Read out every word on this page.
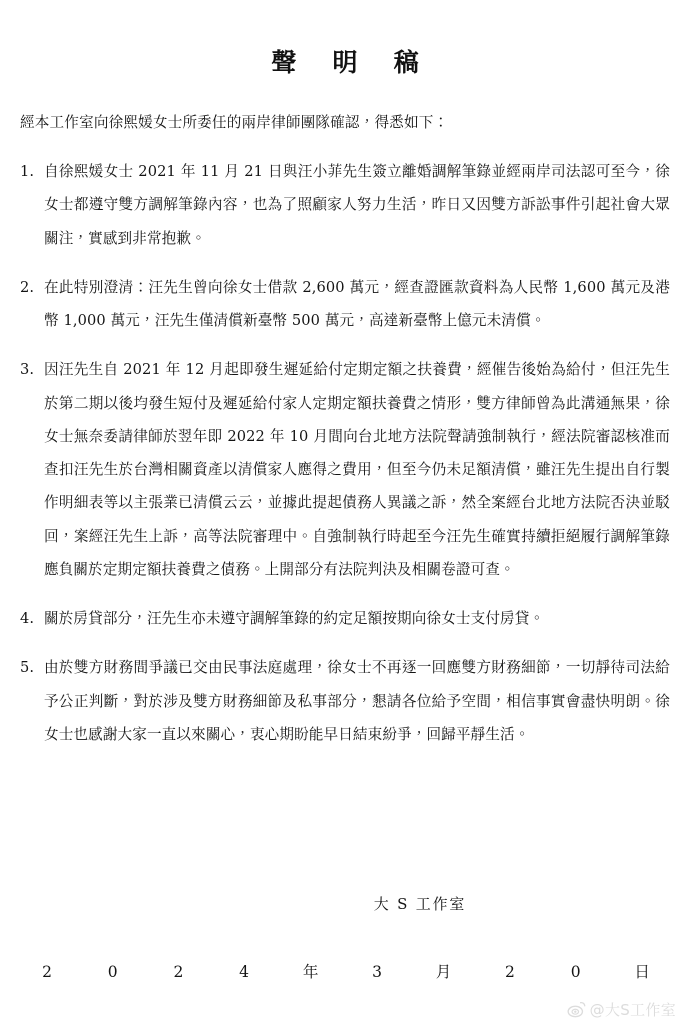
聲 明 稿

經本工作室向徐熙媛女士所委任的兩岸律師團隊確認，得悉如下：

1. 自徐熙媛女士 2021 年 11 月 21 日與汪小菲先生簽立離婚調解筆錄並經兩岸司法認可至今，徐女士都遵守雙方調解筆錄內容，也為了照顧家人努力生活，昨日又因雙方訴訟事件引起社會大眾關注，實感到非常抱歉。
2. 在此特別澄清：汪先生曾向徐女士借款 2,600 萬元，經查證匯款資料為人民幣 1,600 萬元及港幣 1,000 萬元，汪先生僅清償新臺幣 500 萬元，高達新臺幣上億元未清償。
3. 因汪先生自 2021 年 12 月起即發生遲延給付定期定額之扶養費，經催告後始為給付，但汪先生於第二期以後均發生短付及遲延給付家人定期定額扶養費之情形，雙方律師曾為此溝通無果，徐女士無奈委請律師於翌年即 2022 年 10 月間向台北地方法院聲請強制執行，經法院審認核准而查扣汪先生於台灣相關資產以清償家人應得之費用，但至今仍未足額清償，雖汪先生提出自行製作明細表等以主張業已清償云云，並據此提起債務人異議之訴，然全案經台北地方法院否決並駁回，案經汪先生上訴，高等法院審理中。自強制執行時起至今汪先生確實持續拒絕履行調解筆錄應負關於定期定額扶養費之債務。上開部分有法院判決及相關卷證可查。
4. 關於房貸部分，汪先生亦未遵守調解筆錄的約定足額按期向徐女士支付房貸。
5. 由於雙方財務間爭議已交由民事法庭處理，徐女士不再逐一回應雙方財務細節，一切靜待司法給予公正判斷，對於涉及雙方財務細節及私事部分，懇請各位給予空間，相信事實會盡快明朗。徐女士也感謝大家一直以來關心，衷心期盼能早日結束紛爭，回歸平靜生活。
大 S 工作室
2	0	2	4	年	3	月	2	0	日
@大S工作室
